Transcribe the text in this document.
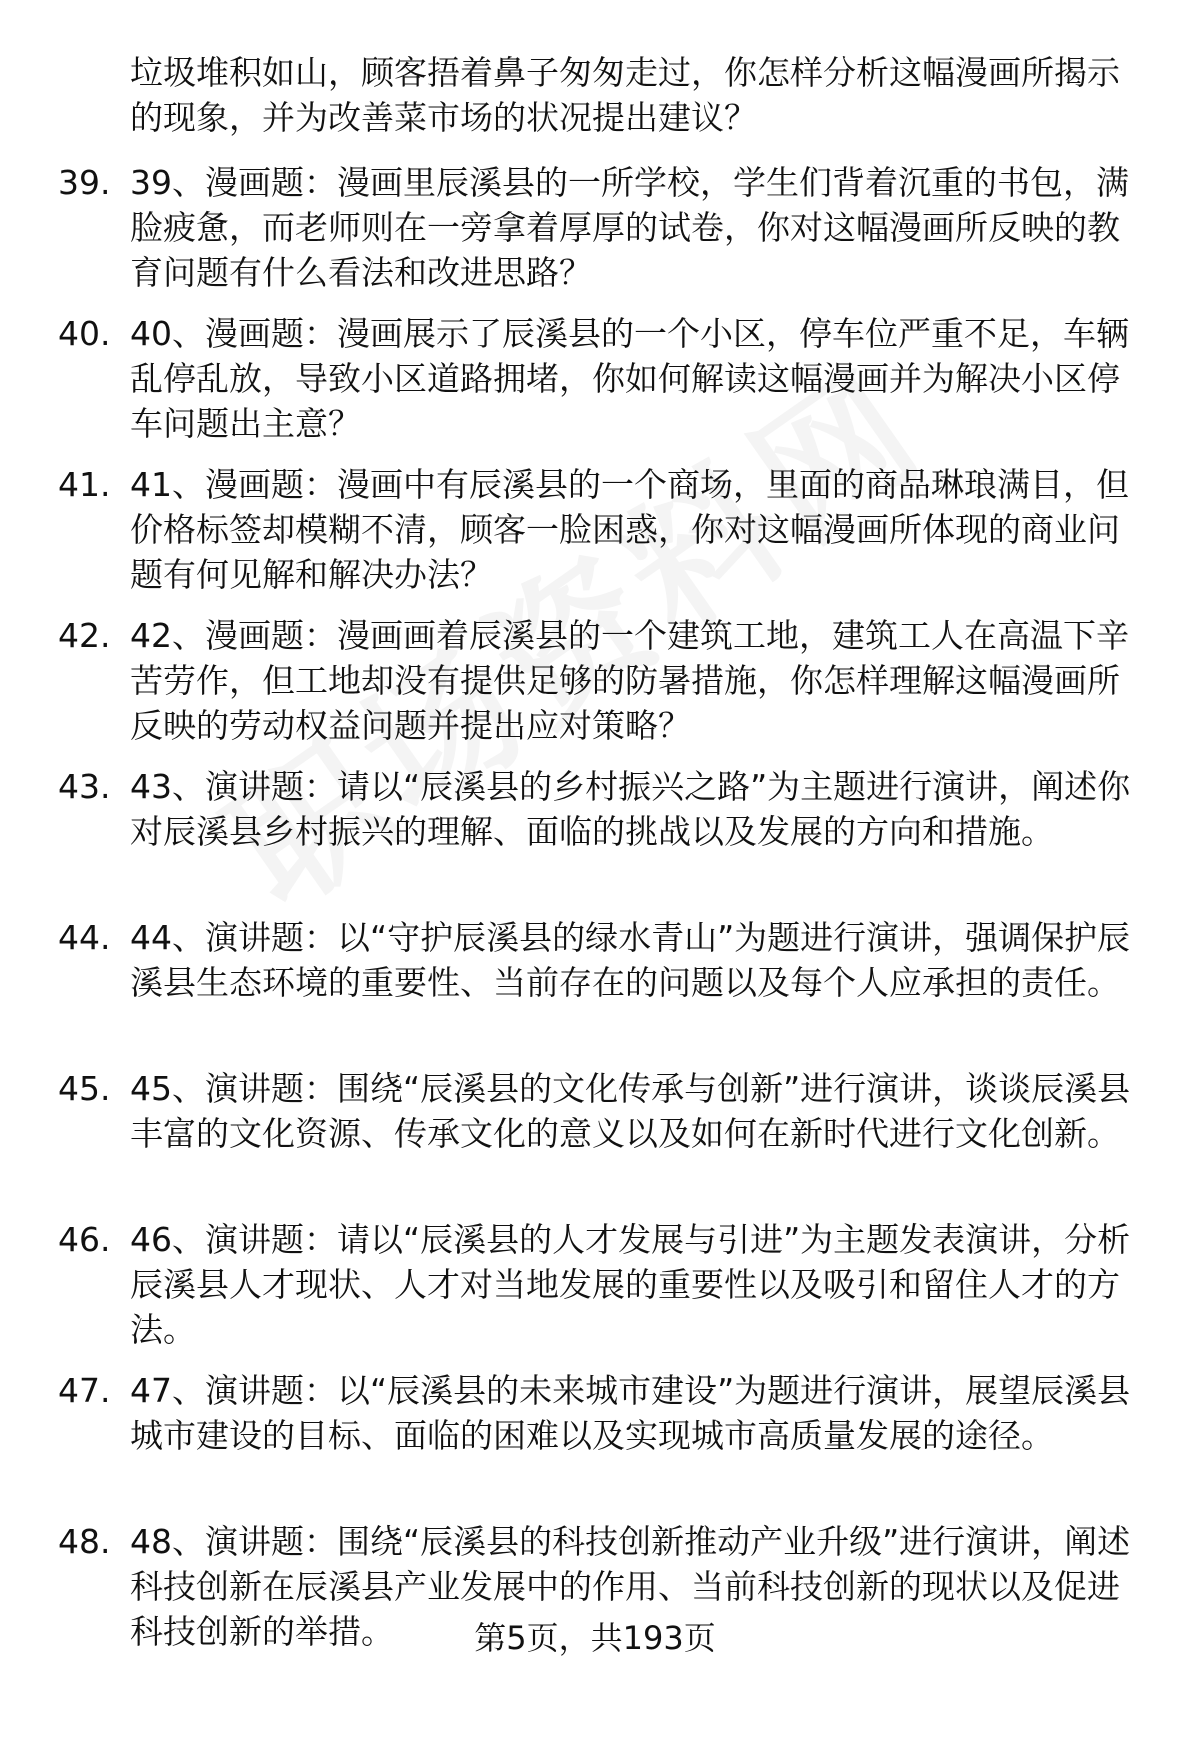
垃圾堆积如山，顾客捂着鼻子匆匆走过，你怎样分析这幅漫画所揭示的现象，并为改善菜市场的状况提出建议？
39. 39、漫画题：漫画里辰溪县的一所学校，学生们背着沉重的书包，满脸疲惫，而老师则在一旁拿着厚厚的试卷，你对这幅漫画所反映的教育问题有什么看法和改进思路？
40. 40、漫画题：漫画展示了辰溪县的一个小区，停车位严重不足，车辆乱停乱放，导致小区道路拥堵，你如何解读这幅漫画并为解决小区停车问题出主意？
41. 41、漫画题：漫画中有辰溪县的一个商场，里面的商品琳琅满目，但价格标签却模糊不清，顾客一脸困惑，你对这幅漫画所体现的商业问题有何见解和解决办法？
42. 42、漫画题：漫画画着辰溪县的一个建筑工地，建筑工人在高温下辛苦劳作，但工地却没有提供足够的防暑措施，你怎样理解这幅漫画所反映的劳动权益问题并提出应对策略？
43. 43、演讲题：请以“辰溪县的乡村振兴之路”为主题进行演讲，阐述你对辰溪县乡村振兴的理解、面临的挑战以及发展的方向和措施。
44. 44、演讲题：以“守护辰溪县的绿水青山”为题进行演讲，强调保护辰溪县生态环境的重要性、当前存在的问题以及每个人应承担的责任。
45. 45、演讲题：围绕“辰溪县的文化传承与创新”进行演讲，谈谈辰溪县丰富的文化资源、传承文化的意义以及如何在新时代进行文化创新。
46. 46、演讲题：请以“辰溪县的人才发展与引进”为主题发表演讲，分析辰溪县人才现状、人才对当地发展的重要性以及吸引和留住人才的方法。
47. 47、演讲题：以“辰溪县的未来城市建设”为题进行演讲，展望辰溪县城市建设的目标、面临的困难以及实现城市高质量发展的途径。
48. 48、演讲题：围绕“辰溪县的科技创新推动产业升级”进行演讲，阐述科技创新在辰溪县产业发展中的作用、当前科技创新的现状以及促进科技创新的举措。	第5页，共193页
